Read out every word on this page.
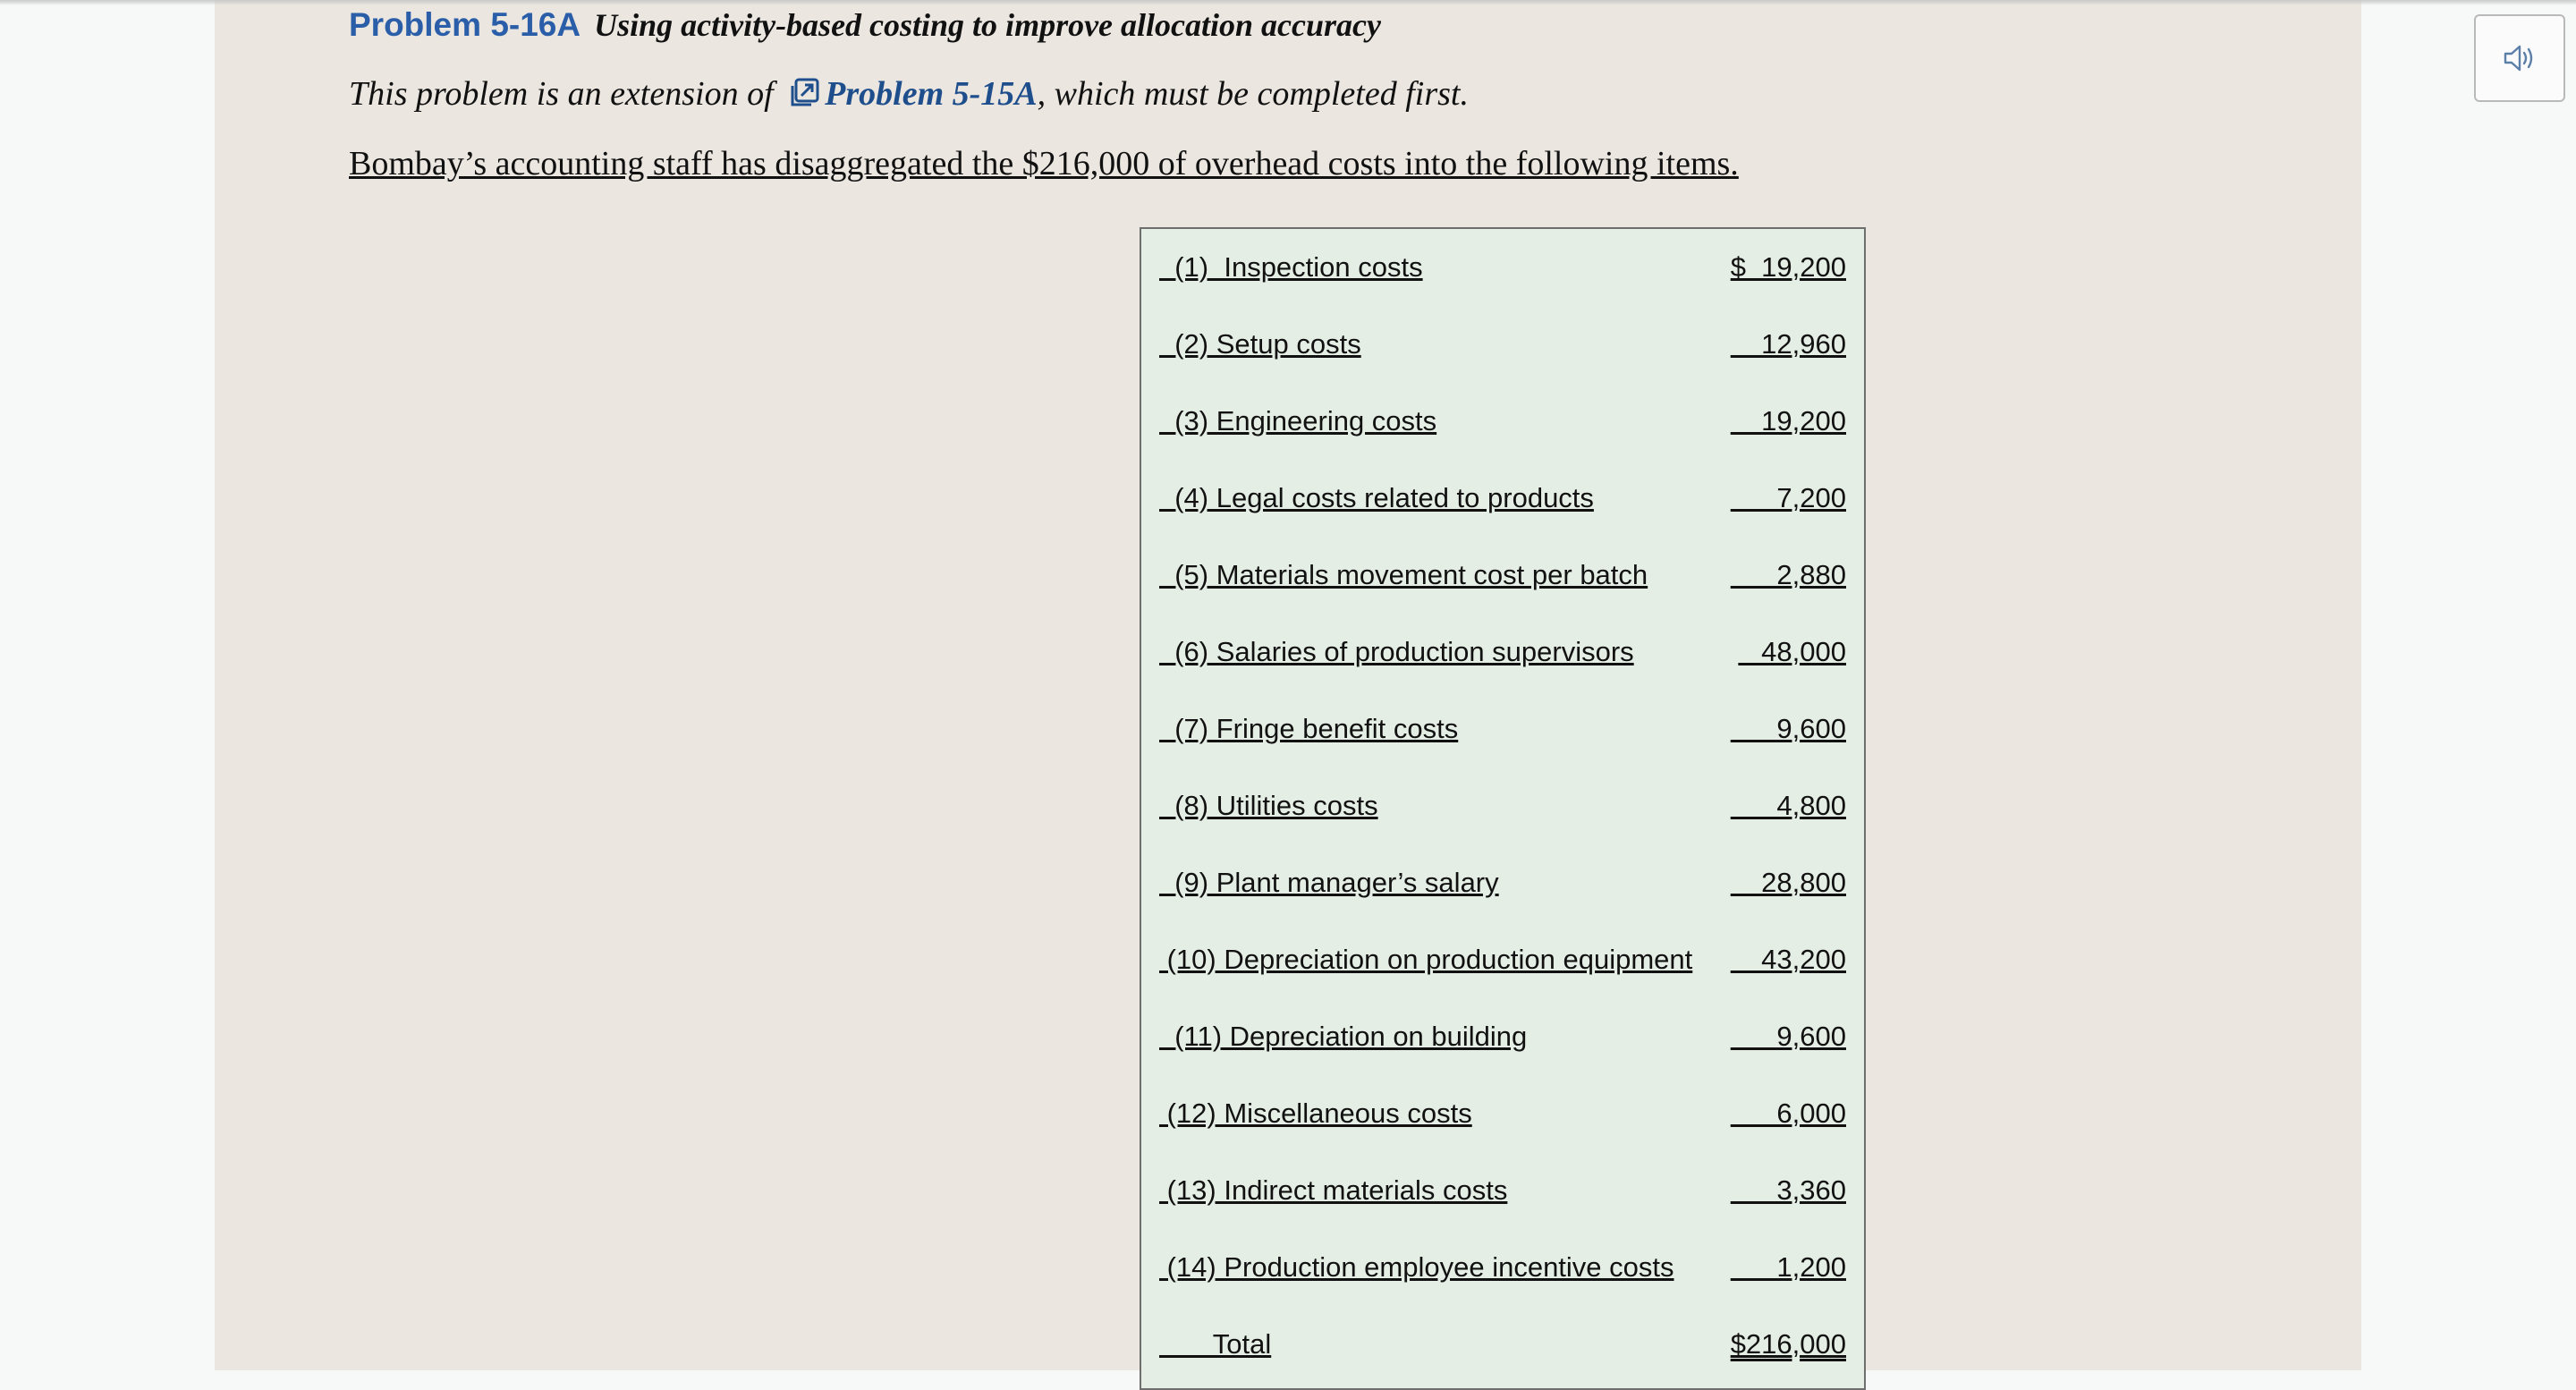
Problem 5-16A Using activity-based costing to improve allocation accuracy
This problem is an extension of Problem 5-15A, which must be completed first.
Bombay’s accounting staff has disaggregated the $216,000 of overhead costs into the following items.
(1)  Inspection costs	$  19,200
(2) Setup costs	12,960
(3) Engineering costs	19,200
(4) Legal costs related to products	7,200
(5) Materials movement cost per batch	2,880
(6) Salaries of production supervisors	48,000
(7) Fringe benefit costs	9,600
(8) Utilities costs	4,800
(9) Plant manager’s salary	28,800
(10) Depreciation on production equipment 43,200
(11) Depreciation on building	9,600
(12) Miscellaneous costs	6,000
(13) Indirect materials costs	3,360
(14) Production employee incentive costs 1,200
Total	$216,000
